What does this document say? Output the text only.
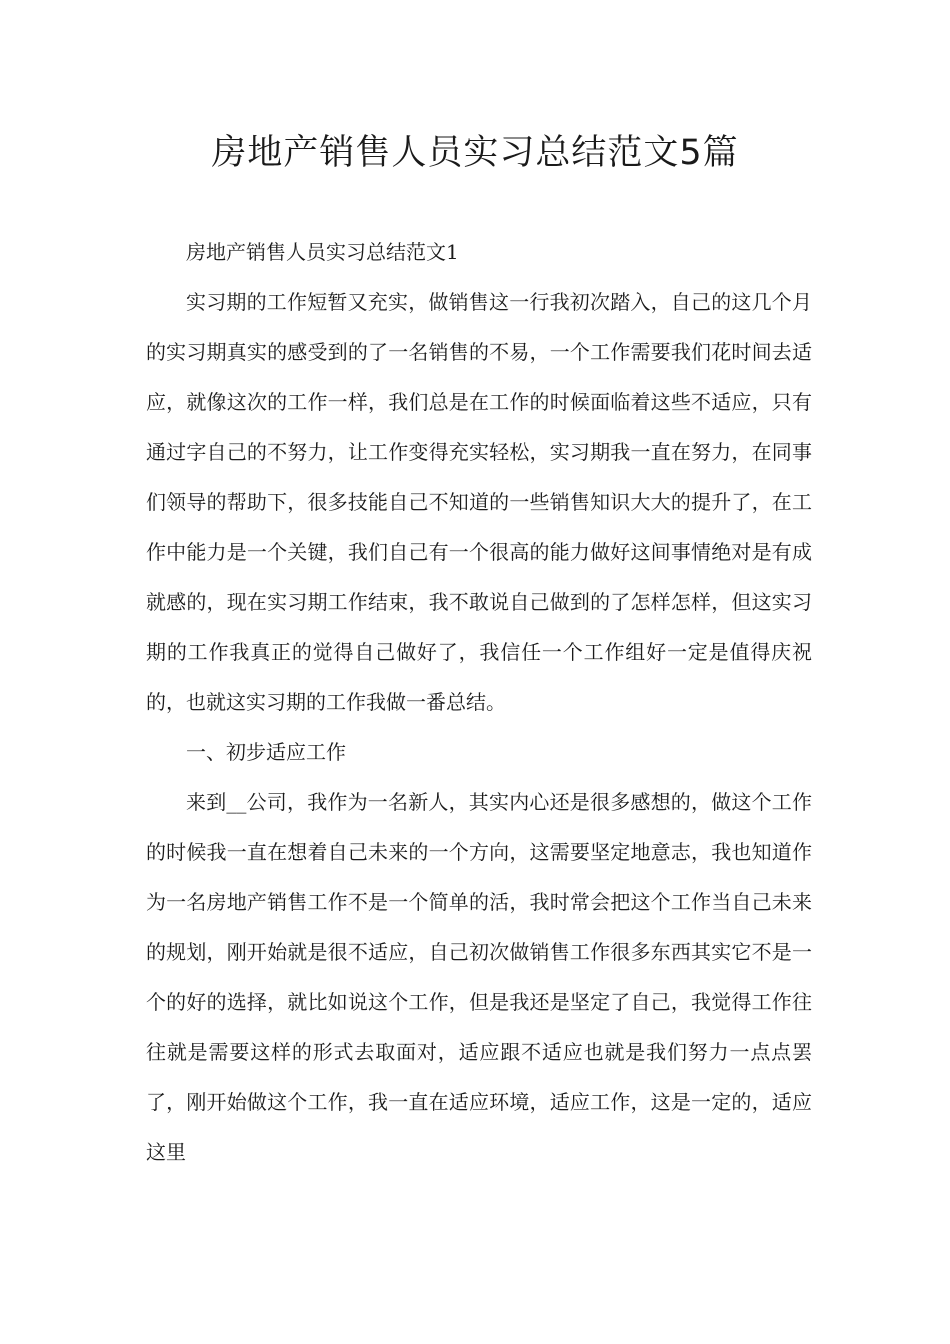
房地产销售人员实习总结范文5篇

房地产销售人员实习总结范文1

实习期的工作短暂又充实，做销售这一行我初次踏入，自己的这几个月的实习期真实的感受到的了一名销售的不易，一个工作需要我们花时间去适应，就像这次的工作一样，我们总是在工作的时候面临着这些不适应，只有通过字自己的不努力，让工作变得充实轻松，实习期我一直在努力，在同事们领导的帮助下，很多技能自己不知道的一些销售知识大大的提升了，在工作中能力是一个关键，我们自己有一个很高的能力做好这间事情绝对是有成就感的，现在实习期工作结束，我不敢说自己做到的了怎样怎样，但这实习期的工作我真正的觉得自己做好了，我信任一个工作组好一定是值得庆祝的，也就这实习期的工作我做一番总结。

一、初步适应工作

来到__公司，我作为一名新人，其实内心还是很多感想的，做这个工作的时候我一直在想着自己未来的一个方向，这需要坚定地意志，我也知道作为一名房地产销售工作不是一个简单的活，我时常会把这个工作当自己未来的规划，刚开始就是很不适应，自己初次做销售工作很多东西其实它不是一个的好的选择，就比如说这个工作，但是我还是坚定了自己，我觉得工作往往就是需要这样的形式去取面对，适应跟不适应也就是我们努力一点点罢了，刚开始做这个工作，我一直在适应环境，适应工作，这是一定的，适应这里
